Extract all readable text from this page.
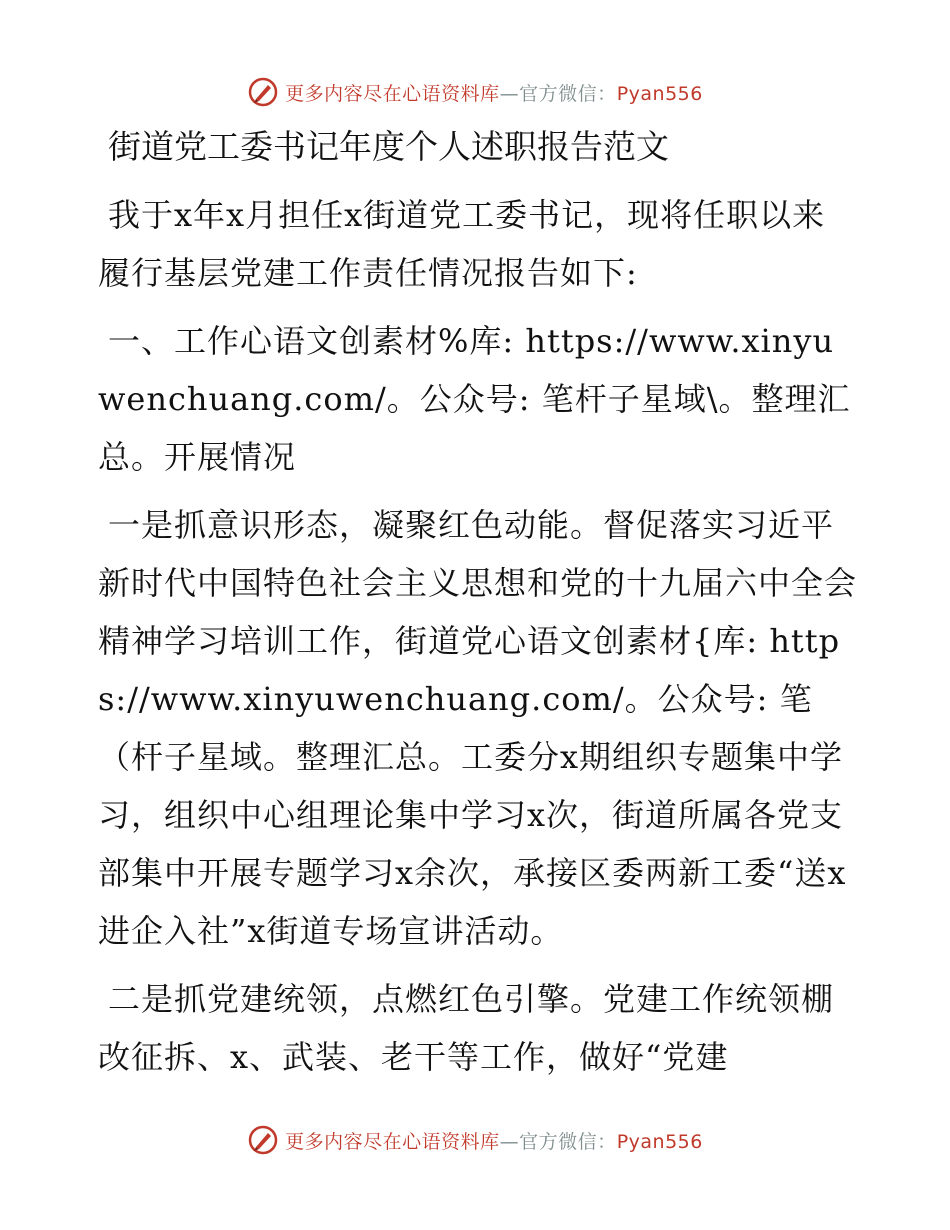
更多内容尽在心语资料库—官方微信：Pyan556
街道党工委书记年度个人述职报告范文

我于x年x月担任x街道党工委书记，现将任职以来履行基层党建工作责任情况报告如下:

一、工作心语文创素材%库: https://www.xinyuwenchuang.com/。公众号: 笔杆子星域\。整理汇总。开展情况

一是抓意识形态，凝聚红色动能。督促落实习近平新时代中国特色社会主义思想和党的十九届六中全会精神学习培训工作，街道党心语文创素材{库: https://www.xinyuwenchuang.com/。公众号: 笔（杆子星域。整理汇总。工委分x期组织专题集中学习，组织中心组理论集中学习x次，街道所属各党支部集中开展专题学习x余次，承接区委两新工委“送x进企入社”x街道专场宣讲活动。

二是抓党建统领，点燃红色引擎。党建工作统领棚改征拆、x、武装、老干等工作，做好“党建

更多内容尽在心语资料库—官方微信：Pyan556
